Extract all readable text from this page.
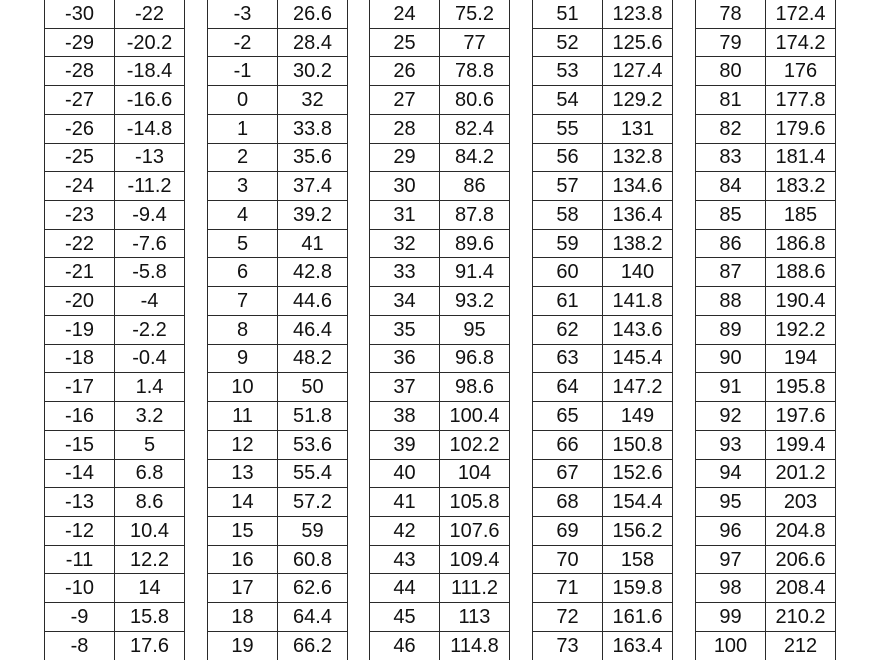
-30	-22
-29	-20.2
-28	-18.4
-27	-16.6
-26	-14.8
-25	-13
-24	-11.2
-23	-9.4
-22	-7.6
-21	-5.8
-20	-4
-19	-2.2
-18	-0.4
-17	1.4
-16	3.2
-15	5
-14	6.8
-13	8.6
-12	10.4
-11	12.2
-10	14
-9	15.8
-8	17.6
-3	26.6
-2	28.4
-1	30.2
0	32
1	33.8
2	35.6
3	37.4
4	39.2
5	41
6	42.8
7	44.6
8	46.4
9	48.2
10	50
11	51.8
12	53.6
13	55.4
14	57.2
15	59
16	60.8
17	62.6
18	64.4
19	66.2
24	75.2
25	77
26	78.8
27	80.6
28	82.4
29	84.2
30	86
31	87.8
32	89.6
33	91.4
34	93.2
35	95
36	96.8
37	98.6
38	100.4
39	102.2
40	104
41	105.8
42	107.6
43	109.4
44	111.2
45	113
46	114.8
51	123.8
52	125.6
53	127.4
54	129.2
55	131
56	132.8
57	134.6
58	136.4
59	138.2
60	140
61	141.8
62	143.6
63	145.4
64	147.2
65	149
66	150.8
67	152.6
68	154.4
69	156.2
70	158
71	159.8
72	161.6
73	163.4
78	172.4
79	174.2
80	176
81	177.8
82	179.6
83	181.4
84	183.2
85	185
86	186.8
87	188.6
88	190.4
89	192.2
90	194
91	195.8
92	197.6
93	199.4
94	201.2
95	203
96	204.8
97	206.6
98	208.4
99	210.2
100	212
